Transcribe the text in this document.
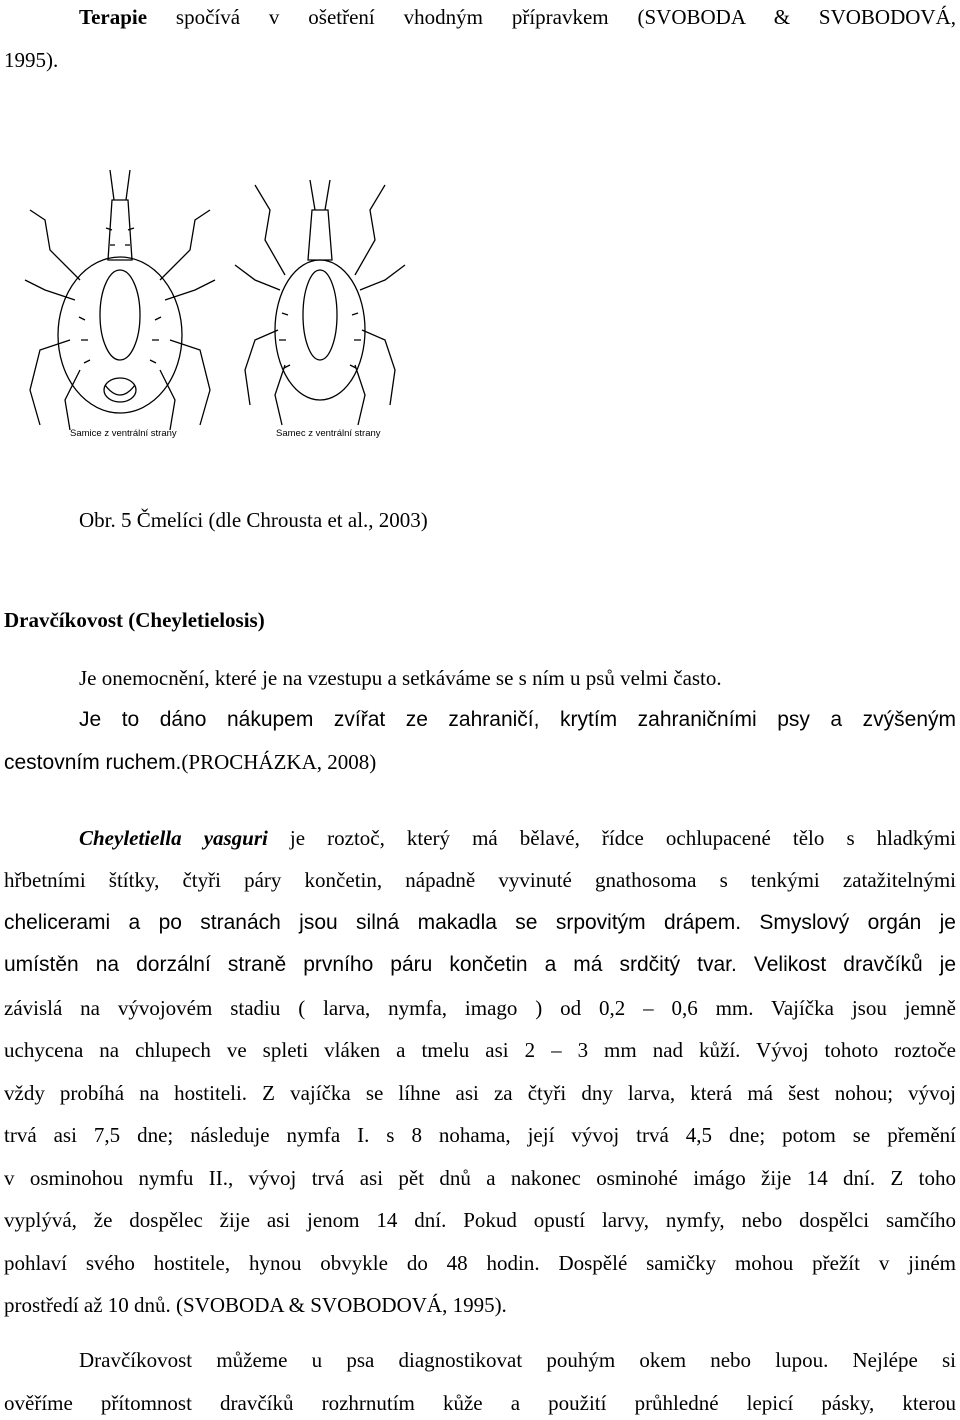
Terapie spočívá v ošetření vhodným přípravkem (SVOBODA & SVOBODOVÁ,

1995).

Samice z ventrální strany	Samec z ventrální strany

Obr. 5 Čmelíci (dle Chrousta et al., 2003)

Dravčíkovost (Cheyletielosis)

Je onemocnění, které je na vzestupu a setkáváme se s ním u psů velmi často.

Je to dáno nákupem zvířat ze zahraničí, krytím zahraničními psy a zvýšeným

cestovním ruchem.(PROCHÁZKA, 2008)

Cheyletiella yasguri je roztoč, který má bělavé, řídce ochlupacené tělo s hladkými

hřbetními štítky, čtyři páry končetin, nápadně vyvinuté gnathosoma s tenkými zatažitelnými

chelicerami a po stranách jsou silná makadla se srpovitým drápem. Smyslový orgán je

umístěn na dorzální straně prvního páru končetin a má srdčitý tvar. Velikost dravčíků je

závislá na vývojovém stadiu ( larva, nymfa, imago ) od 0,2 – 0,6 mm. Vajíčka jsou jemně

uchycena na chlupech ve spleti vláken a tmelu asi 2 – 3 mm nad kůží. Vývoj tohoto roztoče

vždy probíhá na hostiteli. Z vajíčka se líhne asi za čtyři dny larva, která má šest nohou; vývoj

trvá asi 7,5 dne; následuje nymfa I. s 8 nohama, její vývoj trvá 4,5 dne; potom se přemění

v osminohou nymfu II., vývoj trvá asi pět dnů a nakonec osminohé imágo žije 14 dní. Z toho

vyplývá, že dospělec žije asi jenom 14 dní. Pokud opustí larvy, nymfy, nebo dospělci samčího

pohlaví svého hostitele, hynou obvykle do 48 hodin. Dospělé samičky mohou přežít v jiném

prostředí až 10 dnů. (SVOBODA & SVOBODOVÁ, 1995).

Dravčíkovost můžeme u psa diagnostikovat pouhým okem nebo lupou. Nejlépe si

ověříme přítomnost dravčíků rozhrnutím kůže a použití průhledné lepicí pásky, kterou
